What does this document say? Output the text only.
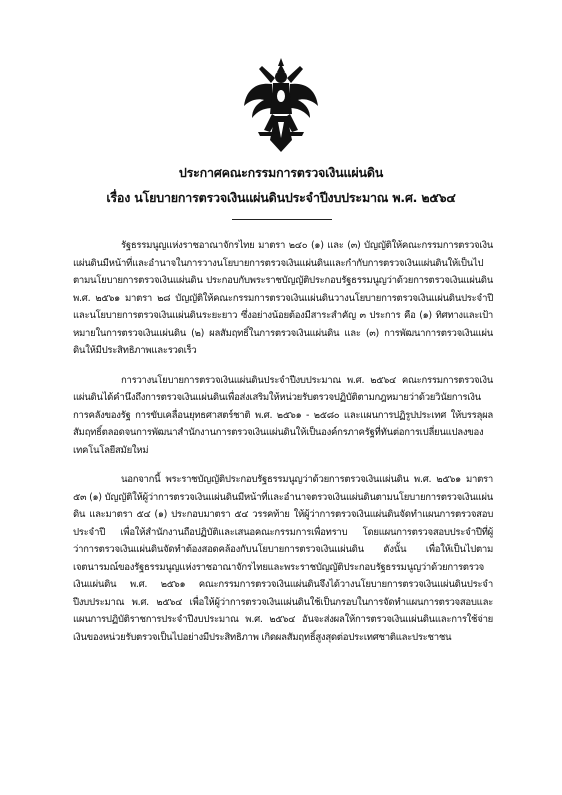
ประกาศคณะกรรมการตรวจเงินแผ่นดิน
เรื่อง นโยบายการตรวจเงินแผ่นดินประจำปีงบประมาณ พ.ศ. ๒๕๖๔

รัฐธรรมนูญแห่งราชอาณาจักรไทย มาตรา ๒๔๐ (๑) และ (๓) บัญญัติให้คณะกรรมการตรวจเงินแผ่นดินมีหน้าที่และอำนาจในการวางนโยบายการตรวจเงินแผ่นดินและกำกับการตรวจเงินแผ่นดินให้เป็นไปตามนโยบายการตรวจเงินแผ่นดิน ประกอบกับพระราชบัญญัติประกอบรัฐธรรมนูญว่าด้วยการตรวจเงินแผ่นดิน พ.ศ. ๒๕๖๑ มาตรา ๒๘ บัญญัติให้คณะกรรมการตรวจเงินแผ่นดินวางนโยบายการตรวจเงินแผ่นดินประจำปีและนโยบายการตรวจเงินแผ่นดินระยะยาว ซึ่งอย่างน้อยต้องมีสาระสำคัญ ๓ ประการ คือ (๑) ทิศทางและเป้าหมายในการตรวจเงินแผ่นดิน (๒) ผลสัมฤทธิ์ในการตรวจเงินแผ่นดิน และ (๓) การพัฒนาการตรวจเงินแผ่นดินให้มีประสิทธิภาพและรวดเร็ว

การวางนโยบายการตรวจเงินแผ่นดินประจำปีงบประมาณ พ.ศ. ๒๕๖๔ คณะกรรมการตรวจเงินแผ่นดินได้คำนึงถึงการตรวจเงินแผ่นดินเพื่อส่งเสริมให้หน่วยรับตรวจปฏิบัติตามกฎหมายว่าด้วยวินัยการเงินการคลังของรัฐ การขับเคลื่อนยุทธศาสตร์ชาติ พ.ศ. ๒๕๖๑ - ๒๕๘๐ และแผนการปฏิรูปประเทศ ให้บรรลุผลสัมฤทธิ์ตลอดจนการพัฒนาสำนักงานการตรวจเงินแผ่นดินให้เป็นองค์กรภาครัฐที่ทันต่อการเปลี่ยนแปลงของเทคโนโลยีสมัยใหม่

นอกจากนี้ พระราชบัญญัติประกอบรัฐธรรมนูญว่าด้วยการตรวจเงินแผ่นดิน พ.ศ. ๒๕๖๑ มาตรา ๕๓ (๑) บัญญัติให้ผู้ว่าการตรวจเงินแผ่นดินมีหน้าที่และอำนาจตรวจเงินแผ่นดินตามนโยบายการตรวจเงินแผ่นดิน และมาตรา ๕๔ (๑) ประกอบมาตรา ๕๔ วรรคท้าย ให้ผู้ว่าการตรวจเงินแผ่นดินจัดทำแผนการตรวจสอบประจำปี เพื่อให้สำนักงานถือปฏิบัติและเสนอคณะกรรมการเพื่อทราบ โดยแผนการตรวจสอบประจำปีที่ผู้ว่าการตรวจเงินแผ่นดินจัดทำต้องสอดคล้องกับนโยบายการตรวจเงินแผ่นดิน ดังนั้น เพื่อให้เป็นไปตามเจตนารมณ์ของรัฐธรรมนูญแห่งราชอาณาจักรไทยและพระราชบัญญัติประกอบรัฐธรรมนูญว่าด้วยการตรวจเงินแผ่นดิน พ.ศ. ๒๕๖๑ คณะกรรมการตรวจเงินแผ่นดินจึงได้วางนโยบายการตรวจเงินแผ่นดินประจำปีงบประมาณ พ.ศ. ๒๕๖๔ เพื่อให้ผู้ว่าการตรวจเงินแผ่นดินใช้เป็นกรอบในการจัดทำแผนการตรวจสอบและแผนการปฏิบัติราชการประจำปีงบประมาณ พ.ศ. ๒๕๖๔ อันจะส่งผลให้การตรวจเงินแผ่นดินและการใช้จ่ายเงินของหน่วยรับตรวจเป็นไปอย่างมีประสิทธิภาพ เกิดผลสัมฤทธิ์สูงสุดต่อประเทศชาติและประชาชน
